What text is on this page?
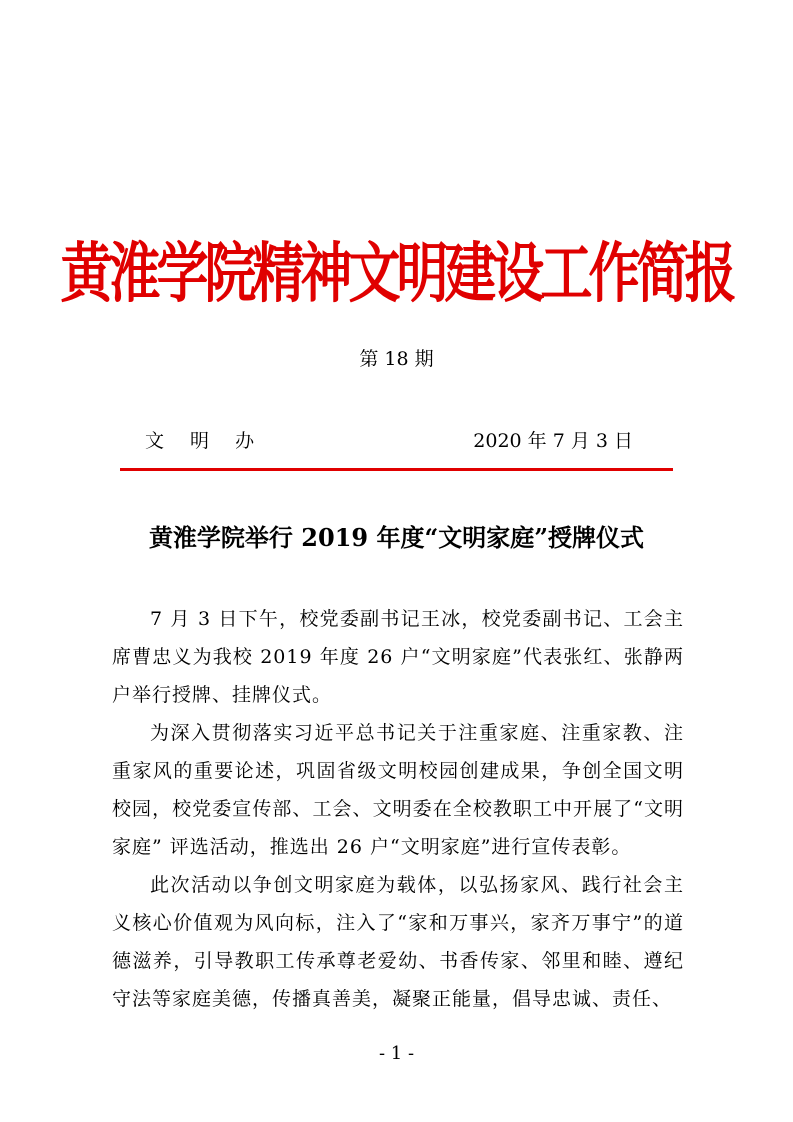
黄淮学院精神文明建设工作简报
第 18 期
文 明 办	2020 年 7 月 3 日
黄淮学院举行 2019 年度“文明家庭”授牌仪式

7 月 3 日下午，校党委副书记王冰，校党委副书记、工会主席曹忠义为我校 2019 年度 26 户“文明家庭”代表张红、张静两户举行授牌、挂牌仪式。

为深入贯彻落实习近平总书记关于注重家庭、注重家教、注重家风的重要论述，巩固省级文明校园创建成果，争创全国文明校园，校党委宣传部、工会、文明委在全校教职工中开展了“文明家庭” 评选活动，推选出 26 户“文明家庭”进行宣传表彰。

此次活动以争创文明家庭为载体，以弘扬家风、践行社会主义核心价值观为风向标，注入了“家和万事兴，家齐万事宁”的道德滋养，引导教职工传承尊老爱幼、书香传家、邻里和睦、遵纪守法等家庭美德，传播真善美，凝聚正能量，倡导忠诚、责任、

- 1 -
